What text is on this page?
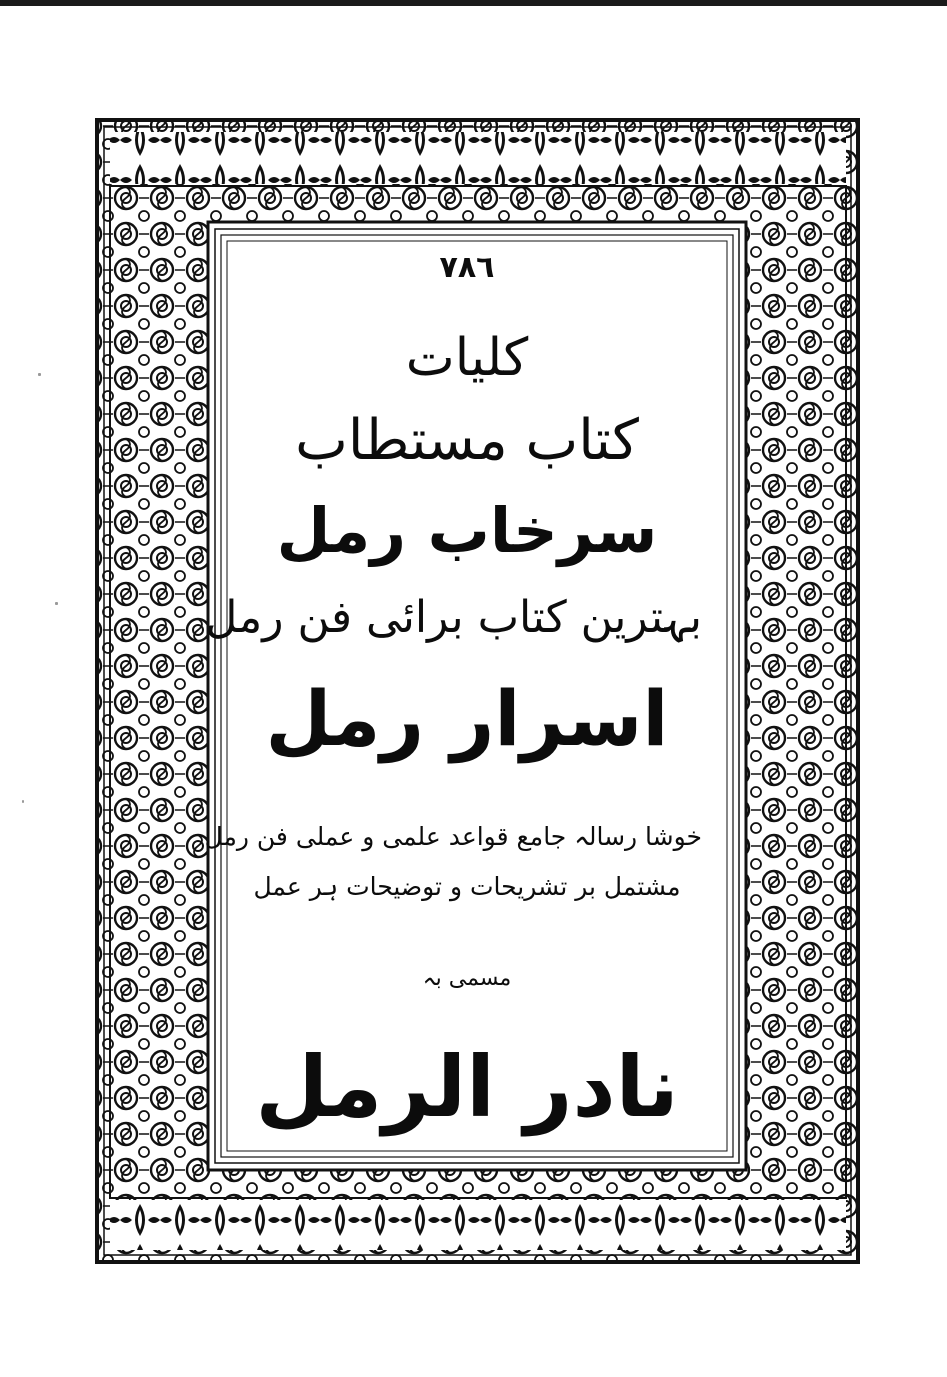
٧٨٦
کلیات
کتاب مستطاب
سرخاب رمل
بہترین کتاب برائی فن رمل
اسرار رمل
خوشا رسالہ جامع قواعد علمی و عملی فن رمل
مشتمل بر تشریحات و توضیحات ہر عمل
مسمی بہ
نادر الرمل
